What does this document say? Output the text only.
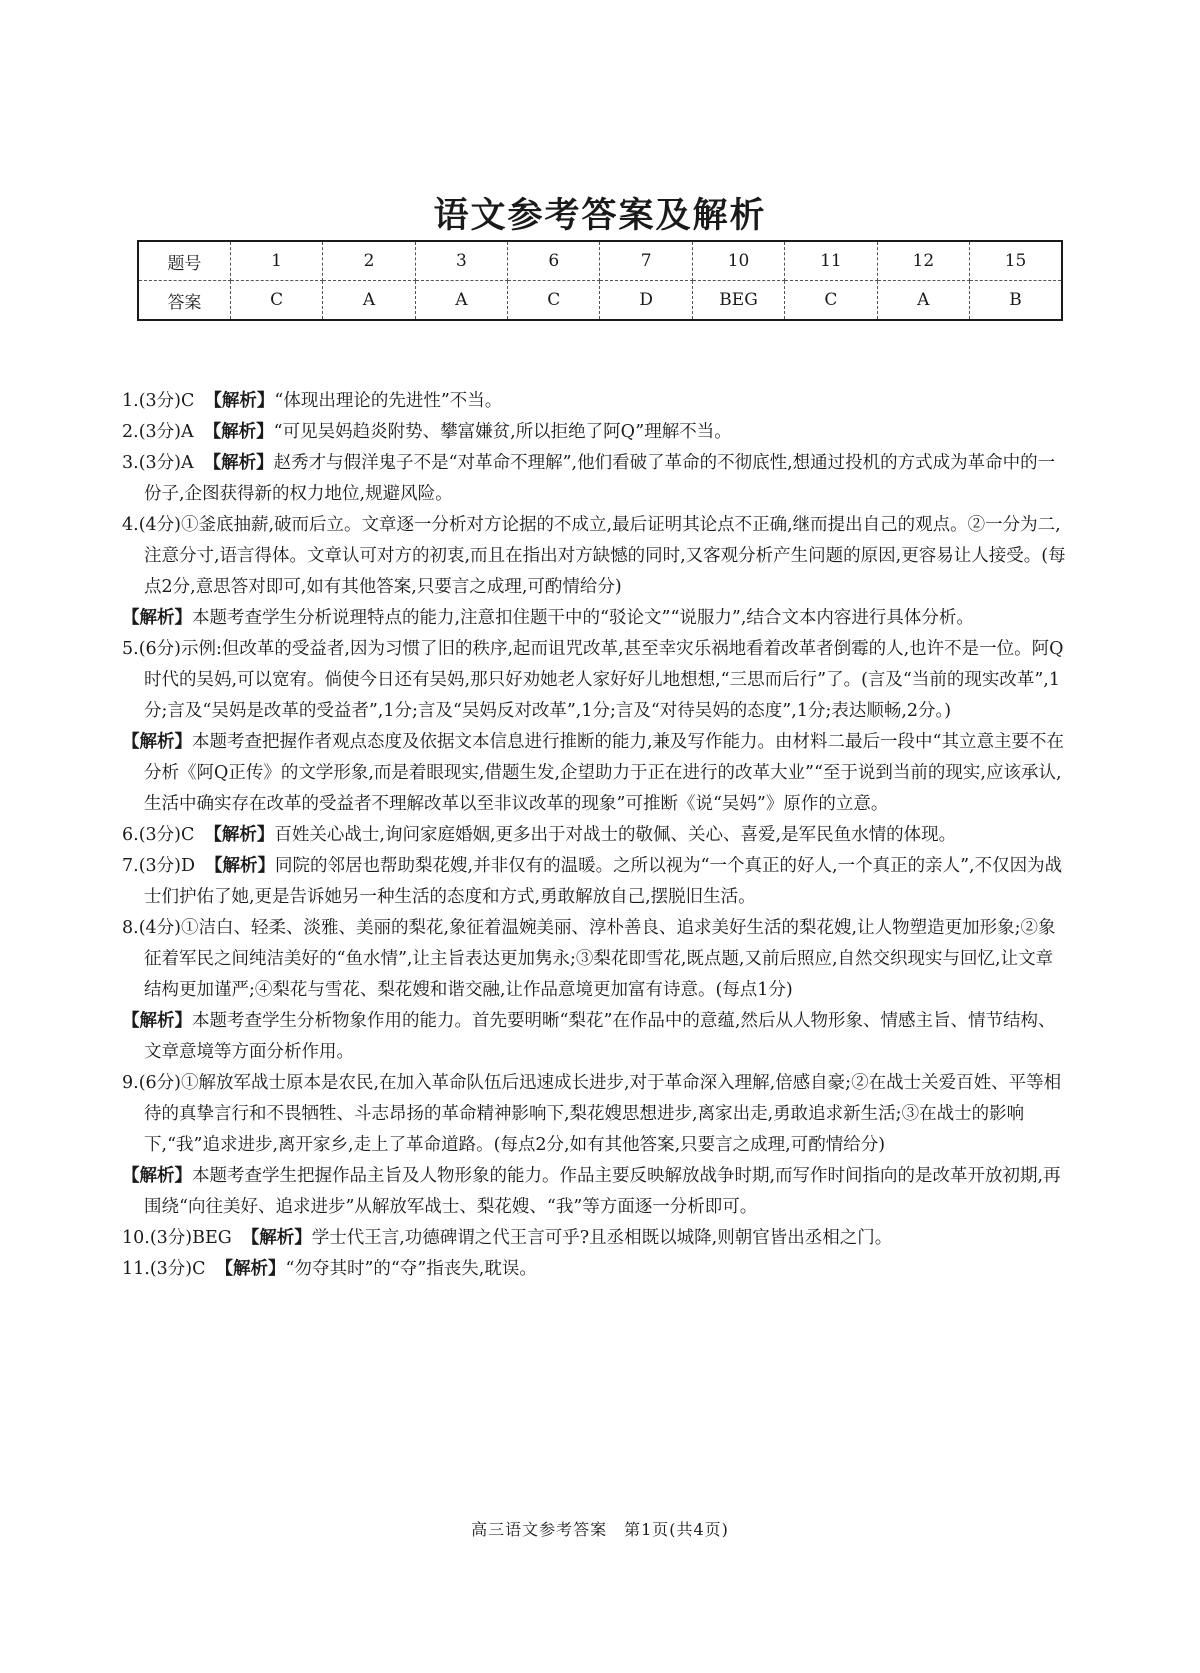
语文参考答案及解析
题号	1	2	3	6	7	10	11	12	15
答案	C	A	A	C	D	BEG	C	A	B

1.(3分)C 【解析】“体现出理论的先进性”不当。

2.(3分)A 【解析】“可见吴妈趋炎附势、攀富嫌贫,所以拒绝了阿Q”理解不当。

3.(3分)A 【解析】赵秀才与假洋鬼子不是“对革命不理解”,他们看破了革命的不彻底性,想通过投机的方式成为革命中的一份子,企图获得新的权力地位,规避风险。

4.(4分)①釜底抽薪,破而后立。文章逐一分析对方论据的不成立,最后证明其论点不正确,继而提出自己的观点。②一分为二,注意分寸,语言得体。文章认可对方的初衷,而且在指出对方缺憾的同时,又客观分析产生问题的原因,更容易让人接受。(每点2分,意思答对即可,如有其他答案,只要言之成理,可酌情给分)

【解析】本题考查学生分析说理特点的能力,注意扣住题干中的“驳论文”“说服力”,结合文本内容进行具体分析。

5.(6分)示例:但改革的受益者,因为习惯了旧的秩序,起而诅咒改革,甚至幸灾乐祸地看着改革者倒霉的人,也许不是一位。阿Q时代的吴妈,可以宽宥。倘使今日还有吴妈,那只好劝她老人家好好儿地想想,“三思而后行”了。(言及“当前的现实改革”,1分;言及“吴妈是改革的受益者”,1分;言及“吴妈反对改革”,1分;言及“对待吴妈的态度”,1分;表达顺畅,2分。)

【解析】本题考查把握作者观点态度及依据文本信息进行推断的能力,兼及写作能力。由材料二最后一段中“其立意主要不在分析《阿Q正传》的文学形象,而是着眼现实,借题生发,企望助力于正在进行的改革大业”“至于说到当前的现实,应该承认,生活中确实存在改革的受益者不理解改革以至非议改革的现象”可推断《说“吴妈”》原作的立意。

6.(3分)C 【解析】百姓关心战士,询问家庭婚姻,更多出于对战士的敬佩、关心、喜爱,是军民鱼水情的体现。

7.(3分)D 【解析】同院的邻居也帮助梨花嫂,并非仅有的温暖。之所以视为“一个真正的好人,一个真正的亲人”,不仅因为战士们护佑了她,更是告诉她另一种生活的态度和方式,勇敢解放自己,摆脱旧生活。

8.(4分)①洁白、轻柔、淡雅、美丽的梨花,象征着温婉美丽、淳朴善良、追求美好生活的梨花嫂,让人物塑造更加形象;②象征着军民之间纯洁美好的“鱼水情”,让主旨表达更加隽永;③梨花即雪花,既点题,又前后照应,自然交织现实与回忆,让文章结构更加谨严;④梨花与雪花、梨花嫂和谐交融,让作品意境更加富有诗意。(每点1分)

【解析】本题考查学生分析物象作用的能力。首先要明晰“梨花”在作品中的意蕴,然后从人物形象、情感主旨、情节结构、文章意境等方面分析作用。

9.(6分)①解放军战士原本是农民,在加入革命队伍后迅速成长进步,对于革命深入理解,倍感自豪;②在战士关爱百姓、平等相待的真挚言行和不畏牺牲、斗志昂扬的革命精神影响下,梨花嫂思想进步,离家出走,勇敢追求新生活;③在战士的影响下,“我”追求进步,离开家乡,走上了革命道路。(每点2分,如有其他答案,只要言之成理,可酌情给分)

【解析】本题考查学生把握作品主旨及人物形象的能力。作品主要反映解放战争时期,而写作时间指向的是改革开放初期,再围绕“向往美好、追求进步”从解放军战士、梨花嫂、“我”等方面逐一分析即可。

10.(3分)BEG 【解析】学士代王言,功德碑谓之代王言可乎?且丞相既以城降,则朝官皆出丞相之门。

11.(3分)C 【解析】“勿夺其时”的“夺”指丧失,耽误。

高三语文参考答案　第1页(共4页)
